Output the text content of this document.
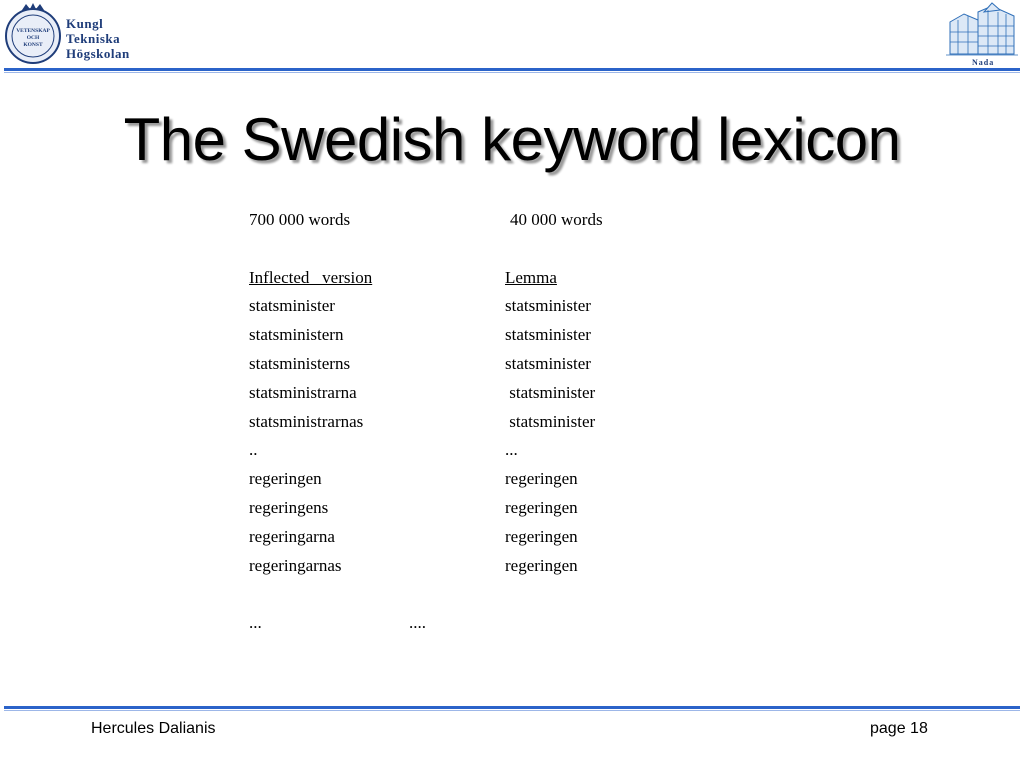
VETENSKAP
OCH
KONST
Kungl
Tekniska
Högskolan
Nada
The Swedish keyword lexicon
700 000 words	40 000 words
Inflected   version	Lemma
statsminister	statsminister
statsministern	statsminister
statsministerns	statsminister
statsministrarna	statsminister
statsministrarnas	statsminister
..	...
regeringen	regeringen
regeringens	regeringen
regeringarna	regeringen
regeringarnas	regeringen
...	....
Hercules Dalianis	page 18
